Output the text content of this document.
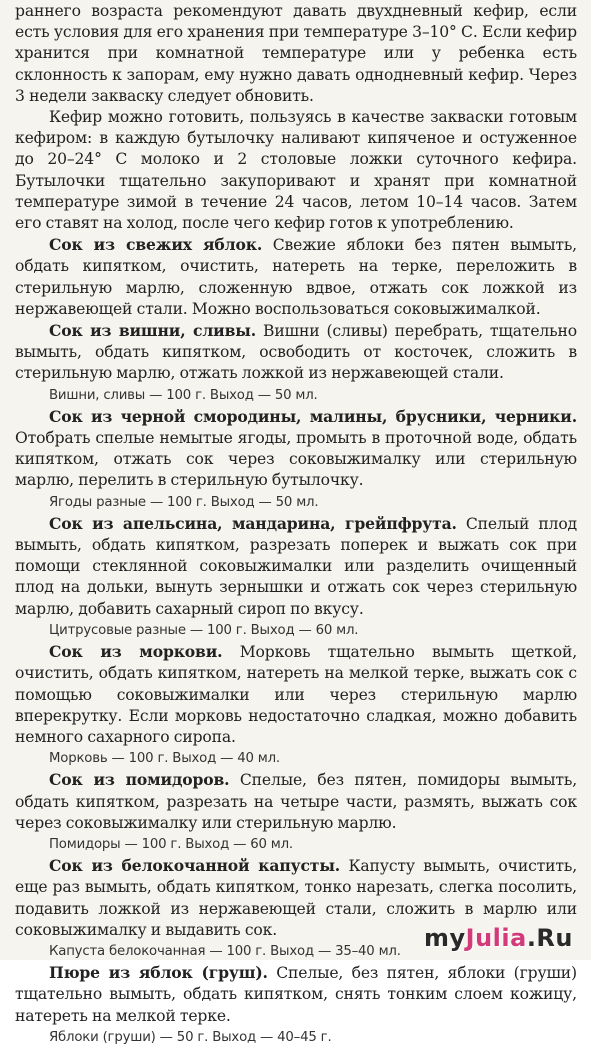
раннего возраста рекомендуют давать двухдневный кефир, если есть условия для его хранения при температуре 3–10° С. Если кефир хранится при комнатной температуре или у ребенка есть склонность к запорам, ему нужно давать однодневный кефир. Через 3 недели закваску следует обновить.

Кефир можно готовить, пользуясь в качестве закваски готовым кефиром: в каждую бутылочку наливают кипяченое и остуженное до 20–24° С молоко и 2 столовые ложки суточного кефира. Бутылочки тщательно закупоривают и хранят при комнатной температуре зимой в течение 24 часов, летом 10–14 часов. Затем его ставят на холод, после чего кефир готов к употреблению.

Сок из свежих яблок. Свежие яблоки без пятен вымыть, обдать кипятком, очистить, натереть на терке, переложить в стерильную марлю, сложенную вдвое, отжать сок ложкой из нержавеющей стали. Можно воспользоваться соковыжималкой.

Сок из вишни, сливы. Вишни (сливы) перебрать, тщательно вымыть, обдать кипятком, освободить от косточек, сложить в стерильную марлю, отжать ложкой из нержавеющей стали.

Вишни, сливы — 100 г. Выход — 50 мл.

Сок из черной смородины, малины, брусники, черники. Отобрать спелые немытые ягоды, промыть в проточной воде, обдать кипятком, отжать сок через соковыжималку или стерильную марлю, перелить в стерильную бутылочку.

Ягоды разные — 100 г. Выход — 50 мл.

Сок из апельсина, мандарина, грейпфрута. Спелый плод вымыть, обдать кипятком, разрезать поперек и выжать сок при помощи стеклянной соковыжималки или разделить очищенный плод на дольки, вынуть зернышки и отжать сок через стерильную марлю, добавить сахарный сироп по вкусу.

Цитрусовые разные — 100 г. Выход — 60 мл.

Сок из моркови. Морковь тщательно вымыть щеткой, очистить, обдать кипятком, натереть на мелкой терке, выжать сок с помощью соковыжималки или через стерильную марлю вперекрутку. Если морковь недостаточно сладкая, можно добавить немного сахарного сиропа.

Морковь — 100 г. Выход — 40 мл.

Сок из помидоров. Спелые, без пятен, помидоры вымыть, обдать кипятком, разрезать на четыре части, размять, выжать сок через соковыжималку или стерильную марлю.

Помидоры — 100 г. Выход — 60 мл.

Сок из белокочанной капусты. Капусту вымыть, очистить, еще раз вымыть, обдать кипятком, тонко нарезать, слегка посолить, подавить ложкой из нержавеющей стали, сложить в марлю или соковыжималку и выдавить сок.

Капуста белокочанная — 100 г. Выход — 35–40 мл.

Пюре из яблок (груш). Спелые, без пятен, яблоки (груши) тщательно вымыть, обдать кипятком, снять тонким слоем кожицу, натереть на мелкой терке.

Яблоки (груши) — 50 г. Выход — 40–45 г.

myJulia.Ru
